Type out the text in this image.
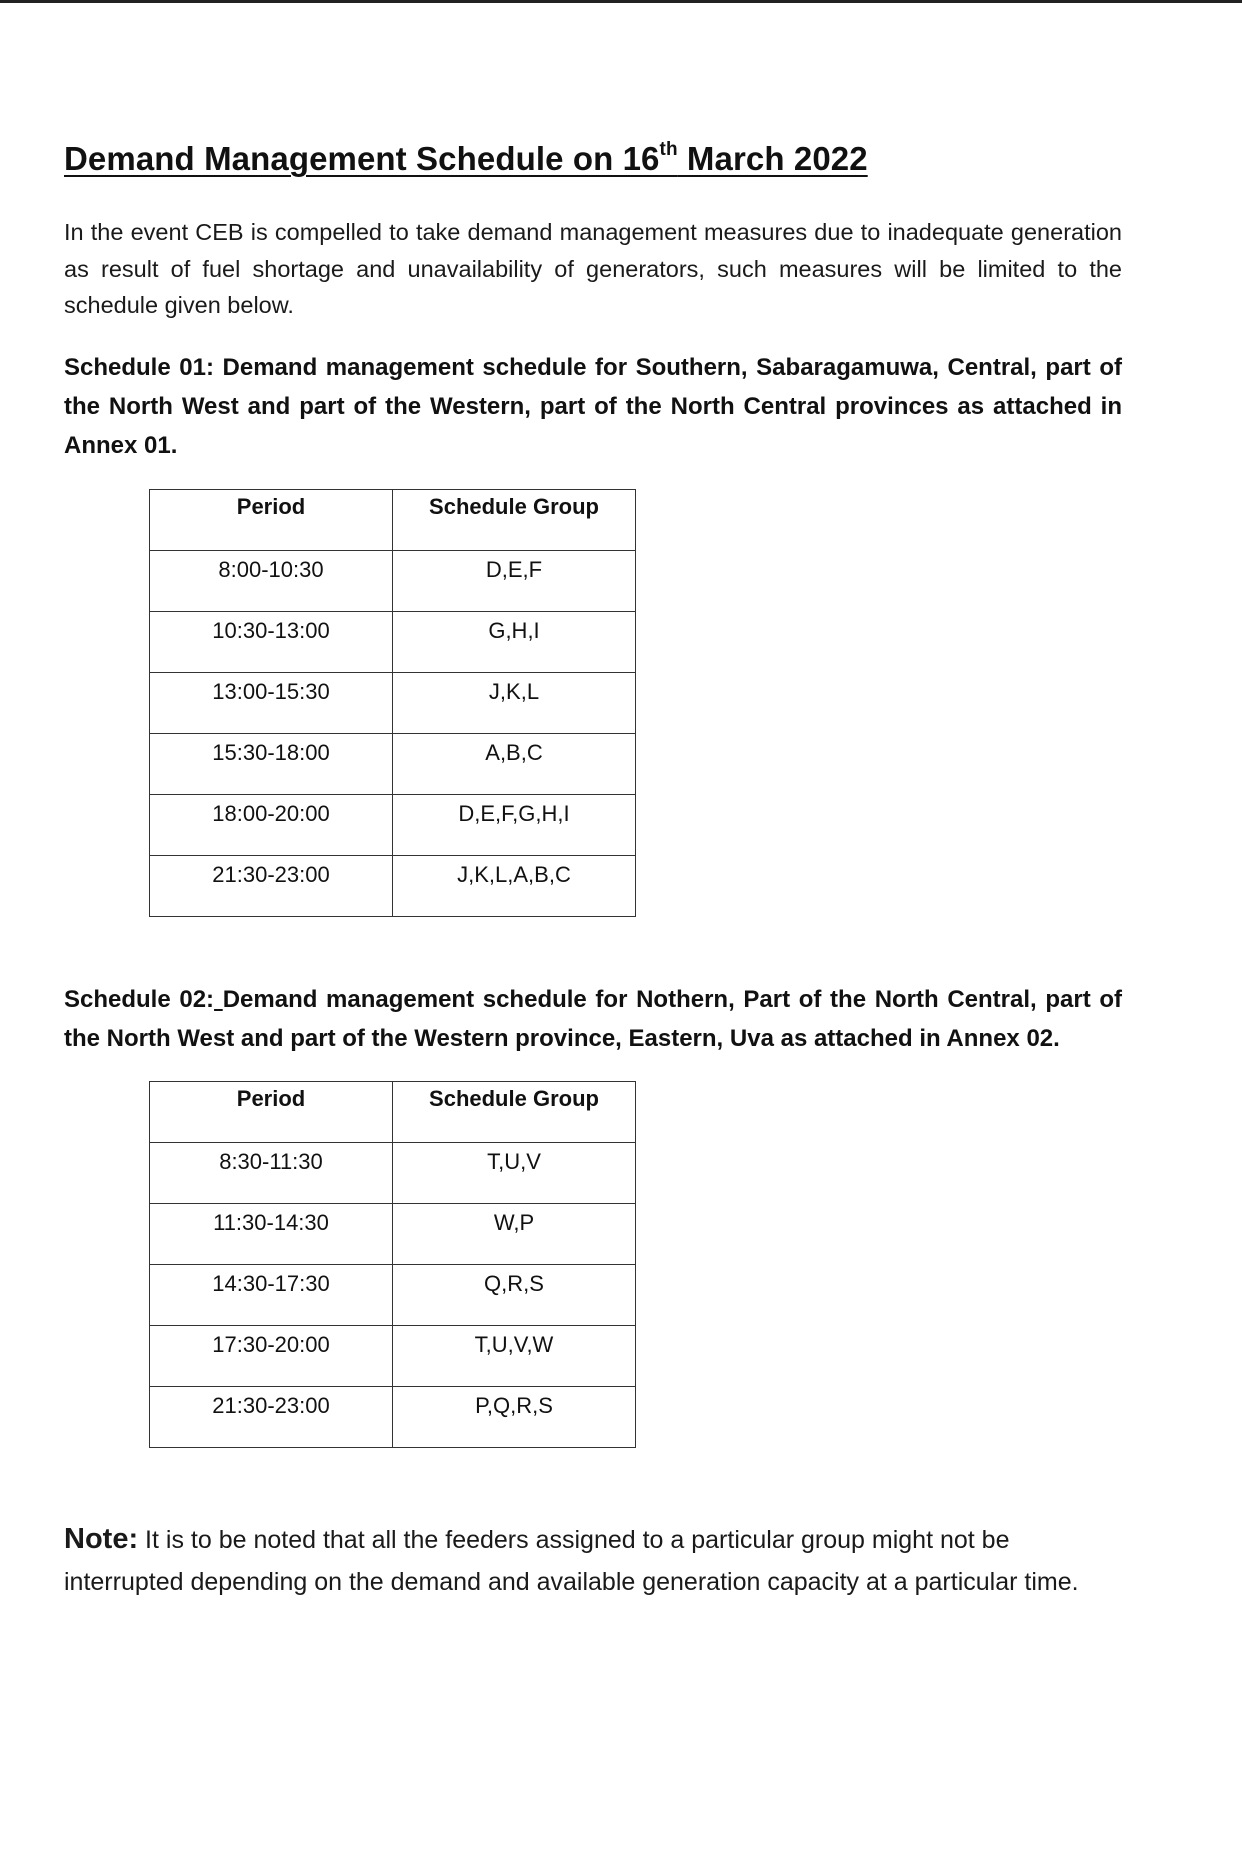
Demand Management Schedule on 16th March 2022

In the event CEB is compelled to take demand management measures due to inadequate generation as result of fuel shortage and unavailability of generators, such measures will be limited to the schedule given below.

Schedule 01: Demand management schedule for Southern, Sabaragamuwa, Central, part of the North West and part of the Western, part of the North Central provinces as attached in Annex 01.

Period	Schedule Group
8:00-10:30	D,E,F
10:30-13:00	G,H,I
13:00-15:30	J,K,L
15:30-18:00	A,B,C
18:00-20:00	D,E,F,G,H,I
21:30-23:00	J,K,L,A,B,C

Schedule 02: Demand management schedule for Nothern, Part of the North Central, part of the North West and part of the Western province, Eastern, Uva as attached in Annex 02.

Period	Schedule Group
8:30-11:30	T,U,V
11:30-14:30	W,P
14:30-17:30	Q,R,S
17:30-20:00	T,U,V,W
21:30-23:00	P,Q,R,S

Note: It is to be noted that all the feeders assigned to a particular group might not be interrupted depending on the demand and available generation capacity at a particular time.
